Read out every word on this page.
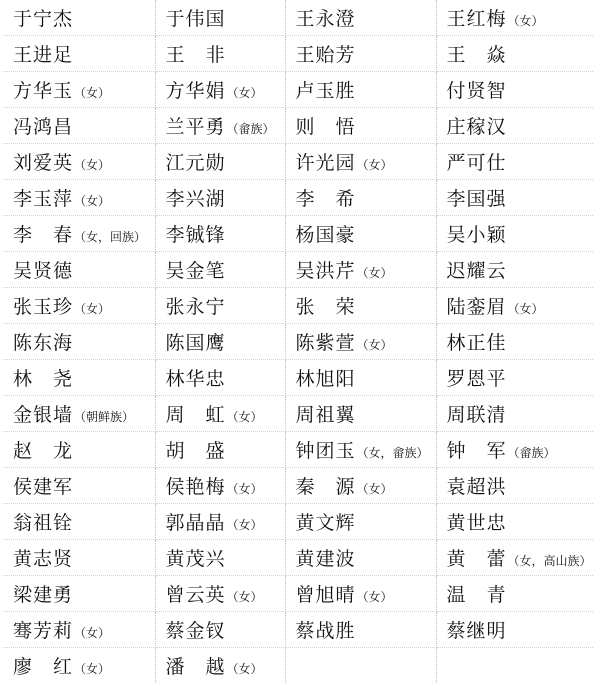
于宁杰	于伟国	王永澄	王红梅（女）
王进足	王　非	王贻芳	王　焱
方华玉（女）	方华娟（女）	卢玉胜	付贤智
冯鸿昌	兰平勇（畲族）	则　悟	庄稼汉
刘爱英（女）	江元勋	许光园（女）	严可仕
李玉萍（女）	李兴湖	李　希	李国强
李　春（女，回族）	李铖锋	杨国豪	吴小颖
吴贤德	吴金笔	吴洪芹（女）	迟耀云
张玉珍（女）	张永宁	张　荣	陆銮眉（女）
陈东海	陈国鹰	陈紫萱（女）	林正佳
林　尧	林华忠	林旭阳	罗恩平
金银墙（朝鲜族）	周　虹（女）	周祖翼	周联清
赵　龙	胡　盛	钟团玉（女，畲族）	钟　军（畲族）
侯建军	侯艳梅（女）	秦　源（女）	袁超洪
翁祖铨	郭晶晶（女）	黄文辉	黄世忠
黄志贤	黄茂兴	黄建波	黄　蕾（女，高山族）
梁建勇	曾云英（女）	曾旭晴（女）	温　青
骞芳莉（女）	蔡金钗	蔡战胜	蔡继明
廖　红（女）	潘　越（女）		
